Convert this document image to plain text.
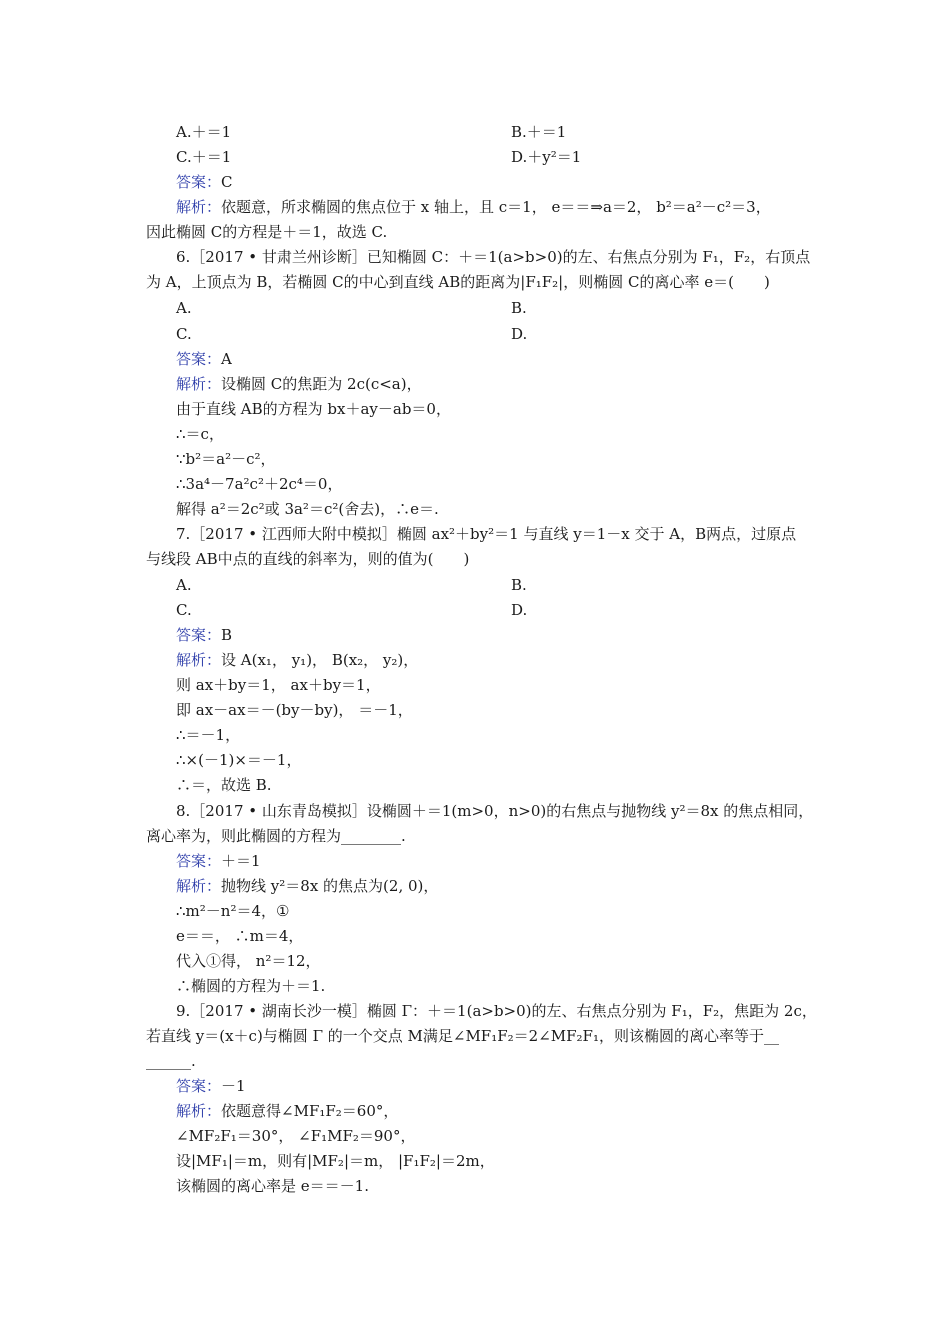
A.＋＝1	B.＋＝1
C.＋＝1	D.＋y²＝1
答案：C
解析：依题意，所求椭圆的焦点位于 x 轴上，且 c＝1， e＝＝⇒a＝2， b²＝a²－c²＝3，
因此椭圆 C的方程是＋＝1，故选 C.
6.［2017 • 甘肃兰州诊断］已知椭圆 C：＋＝1(a>b>0)的左、右焦点分别为 F₁，F₂，右顶点
为 A，上顶点为 B，若椭圆 C的中心到直线 AB的距离为|F₁F₂|，则椭圆 C的离心率 e＝(　　)
A.	B.
C.	D.
答案：A
解析：设椭圆 C的焦距为 2c(c<a)，
由于直线 AB的方程为 bx＋ay－ab＝0，
∴＝c，
∵b²＝a²－c²，
∴3a⁴－7a²c²＋2c⁴＝0，
解得 a²＝2c²或 3a²＝c²(舍去)，∴e＝.
7.［2017 • 江西师大附中模拟］椭圆 ax²＋by²＝1 与直线 y＝1－x 交于 A，B两点，过原点
与线段 AB中点的直线的斜率为，则的值为(　　)
A.	B.
C.	D.
答案：B
解析：设 A(x₁， y₁)， B(x₂， y₂)，
则 ax＋by＝1， ax＋by＝1，
即 ax－ax＝－(by－by)， ＝－1，
∴＝－1，
∴×(－1)×＝－1，
∴＝，故选 B.
8.［2017 • 山东青岛模拟］设椭圆＋＝1(m>0，n>0)的右焦点与抛物线 y²＝8x 的焦点相同，
离心率为，则此椭圆的方程为________.
答案：＋＝1
解析：抛物线 y²＝8x 的焦点为(2, 0)，
∴m²－n²＝4，①
e＝＝， ∴m＝4，
代入①得， n²＝12，
∴椭圆的方程为＋＝1.
9.［2017 • 湖南长沙一模］椭圆 Γ：＋＝1(a>b>0)的左、右焦点分别为 F₁，F₂，焦距为 2c，
若直线 y＝(x＋c)与椭圆 Γ 的一个交点 M满足∠MF₁F₂＝2∠MF₂F₁，则该椭圆的离心率等于__
______.
答案：－1
解析：依题意得∠MF₁F₂＝60°，
∠MF₂F₁＝30°， ∠F₁MF₂＝90°，
设|MF₁|＝m，则有|MF₂|＝m， |F₁F₂|＝2m，
该椭圆的离心率是 e＝＝－1.
